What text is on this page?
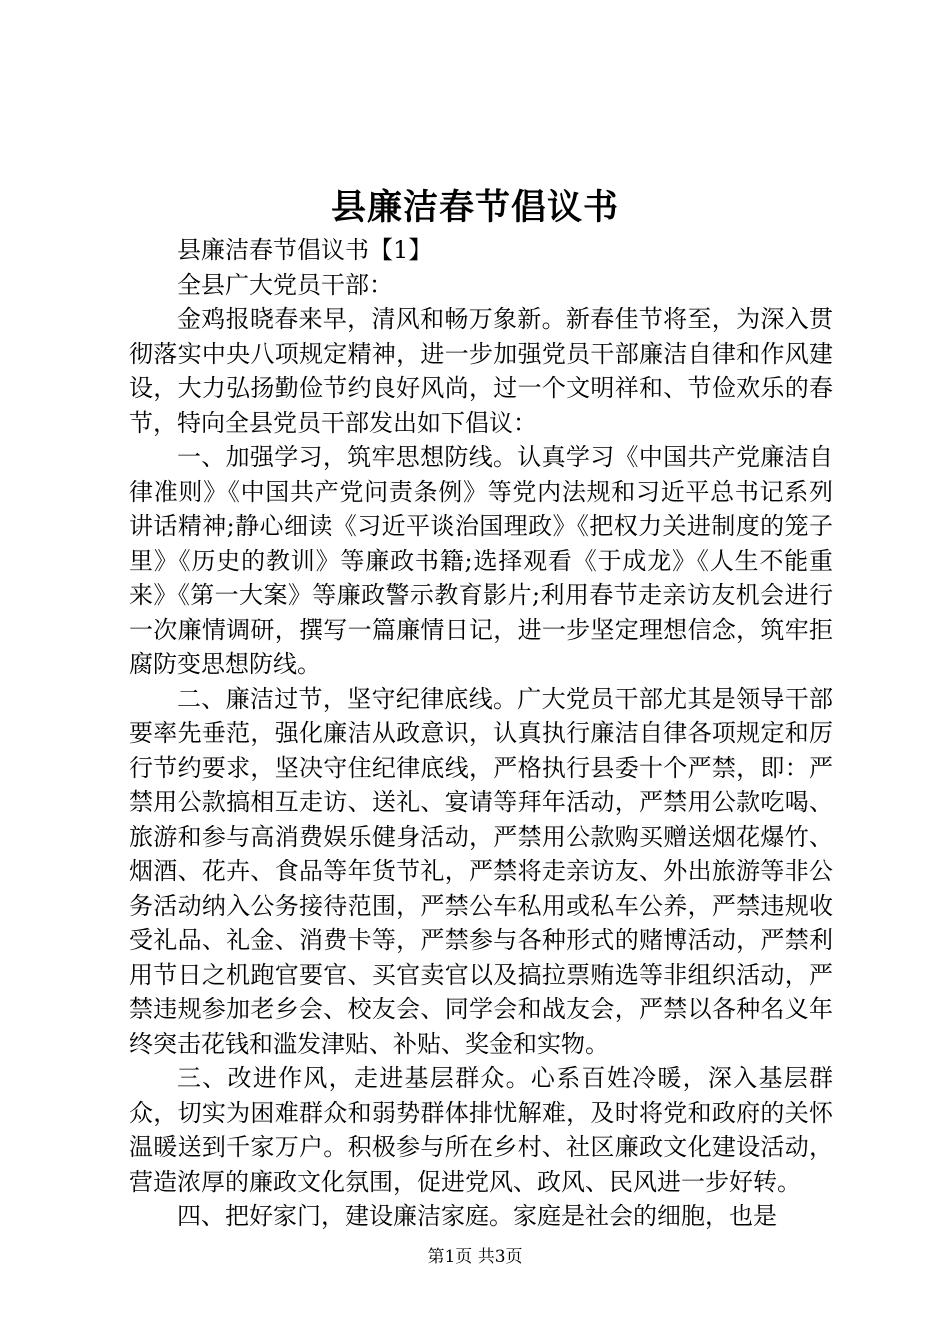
县廉洁春节倡议书

县廉洁春节倡议书【1】

全县广大党员干部：

金鸡报晓春来早，清风和畅万象新。新春佳节将至，为深入贯彻落实中央八项规定精神，进一步加强党员干部廉洁自律和作风建设，大力弘扬勤俭节约良好风尚，过一个文明祥和、节俭欢乐的春节，特向全县党员干部发出如下倡议：

一、加强学习，筑牢思想防线。认真学习《中国共产党廉洁自律准则》《中国共产党问责条例》等党内法规和习近平总书记系列讲话精神;静心细读《习近平谈治国理政》《把权力关进制度的笼子里》《历史的教训》等廉政书籍;选择观看《于成龙》《人生不能重来》《第一大案》等廉政警示教育影片;利用春节走亲访友机会进行一次廉情调研，撰写一篇廉情日记，进一步坚定理想信念，筑牢拒腐防变思想防线。

二、廉洁过节，坚守纪律底线。广大党员干部尤其是领导干部要率先垂范，强化廉洁从政意识，认真执行廉洁自律各项规定和厉行节约要求，坚决守住纪律底线，严格执行县委十个严禁，即：严禁用公款搞相互走访、送礼、宴请等拜年活动，严禁用公款吃喝、旅游和参与高消费娱乐健身活动，严禁用公款购买赠送烟花爆竹、烟酒、花卉、食品等年货节礼，严禁将走亲访友、外出旅游等非公务活动纳入公务接待范围，严禁公车私用或私车公养，严禁违规收受礼品、礼金、消费卡等，严禁参与各种形式的赌博活动，严禁利用节日之机跑官要官、买官卖官以及搞拉票贿选等非组织活动，严禁违规参加老乡会、校友会、同学会和战友会，严禁以各种名义年终突击花钱和滥发津贴、补贴、奖金和实物。

三、改进作风，走进基层群众。心系百姓冷暖，深入基层群众，切实为困难群众和弱势群体排忧解难，及时将党和政府的关怀温暖送到千家万户。积极参与所在乡村、社区廉政文化建设活动，营造浓厚的廉政文化氛围，促进党风、政风、民风进一步好转。

四、把好家门，建设廉洁家庭。家庭是社会的细胞，也是

第1页 共3页
